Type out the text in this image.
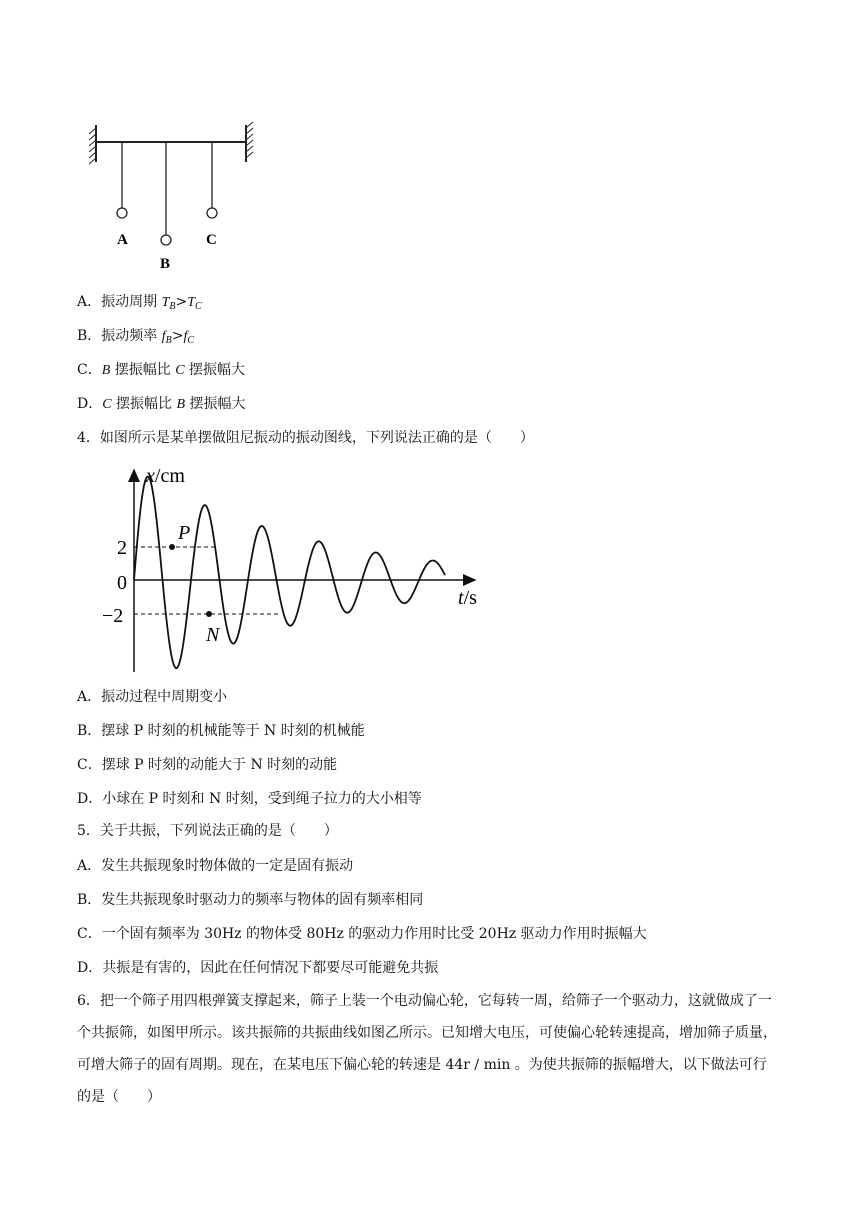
A
B
C
A．振动周期 $T_B>T_C$
B．振动频率 $f_B>f_C$
C．B 摆振幅比 C 摆振幅大
D．C 摆振幅比 B 摆振幅大
4．如图所示是某单摆做阻尼振动的振动图线，下列说法正确的是（　　）
x/cm
t/s
0
2
−2
P
N
A．振动过程中周期变小
B．摆球 P 时刻的机械能等于 N 时刻的机械能
C．摆球 P 时刻的动能大于 N 时刻的动能
D．小球在 P 时刻和 N 时刻，受到绳子拉力的大小相等
5．关于共振，下列说法正确的是（　　）
A．发生共振现象时物体做的一定是固有振动
B．发生共振现象时驱动力的频率与物体的固有频率相同
C．一个固有频率为 30Hz 的物体受 80Hz 的驱动力作用时比受 20Hz 驱动力作用时振幅大
D．共振是有害的，因此在任何情况下都要尽可能避免共振
6．把一个筛子用四根弹簧支撑起来，筛子上装一个电动偏心轮，它每转一周，给筛子一个驱动力，这就做成了一个共振筛，如图甲所示。该共振筛的共振曲线如图乙所示。已知增大电压，可使偏心轮转速提高，增加筛子质量，可增大筛子的固有周期。现在，在某电压下偏心轮的转速是 44r / min 。为使共振筛的振幅增大，以下做法可行的是（　　）
